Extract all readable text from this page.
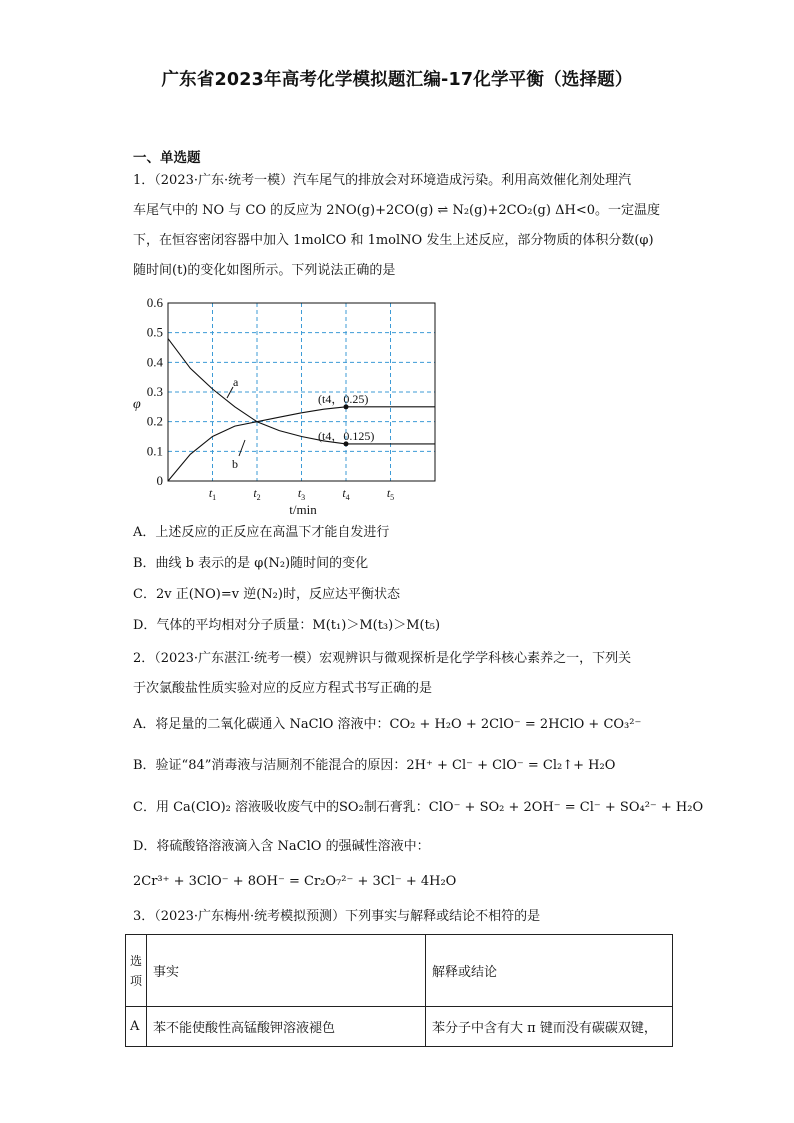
广东省2023年高考化学模拟题汇编-17化学平衡（选择题）
一、单选题
1．（2023·广东·统考一模）汽车尾气的排放会对环境造成污染。利用高效催化剂处理汽
车尾气中的 NO 与 CO 的反应为 2NO(g)+2CO(g) ⇌ N₂(g)+2CO₂(g) ΔH<0。一定温度
下，在恒容密闭容器中加入 1molCO 和 1molNO 发生上述反应，部分物质的体积分数(φ)
随时间(t)的变化如图所示。下列说法正确的是
0
0.1
0.2
0.3
0.4
0.5
0.6
$t_1$	$t_2$	$t_3$	$t_4$	$t_5$
(t4，0.25)
(t4，0.125)
a
b
φ
t/min
A．上述反应的正反应在高温下才能自发进行
B．曲线 b 表示的是 φ(N₂)随时间的变化
C．2v 正(NO)=v 逆(N₂)时，反应达平衡状态
D．气体的平均相对分子质量：M(t₁)＞M(t₃)＞M(t₅)
2．（2023·广东湛江·统考一模）宏观辨识与微观探析是化学学科核心素养之一，下列关
于次氯酸盐性质实验对应的反应方程式书写正确的是
A．将足量的二氧化碳通入 NaClO 溶液中：CO₂ + H₂O + 2ClO⁻ = 2HClO + CO₃²⁻
B．验证“84”消毒液与洁厕剂不能混合的原因：2H⁺ + Cl⁻ + ClO⁻ = Cl₂↑+ H₂O
C．用 Ca(ClO)₂ 溶液吸收废气中的SO₂制石膏乳：ClO⁻ + SO₂ + 2OH⁻ = Cl⁻ + SO₄²⁻ + H₂O
D．将硫酸铬溶液滴入含 NaClO 的强碱性溶液中：
2Cr³⁺ + 3ClO⁻ + 8OH⁻ = Cr₂O₇²⁻ + 3Cl⁻ + 4H₂O
3．（2023·广东梅州·统考模拟预测）下列事实与解释或结论不相符的是
选项	事实	解释或结论
A	苯不能使酸性高锰酸钾溶液褪色	苯分子中含有大 π 键而没有碳碳双键，
